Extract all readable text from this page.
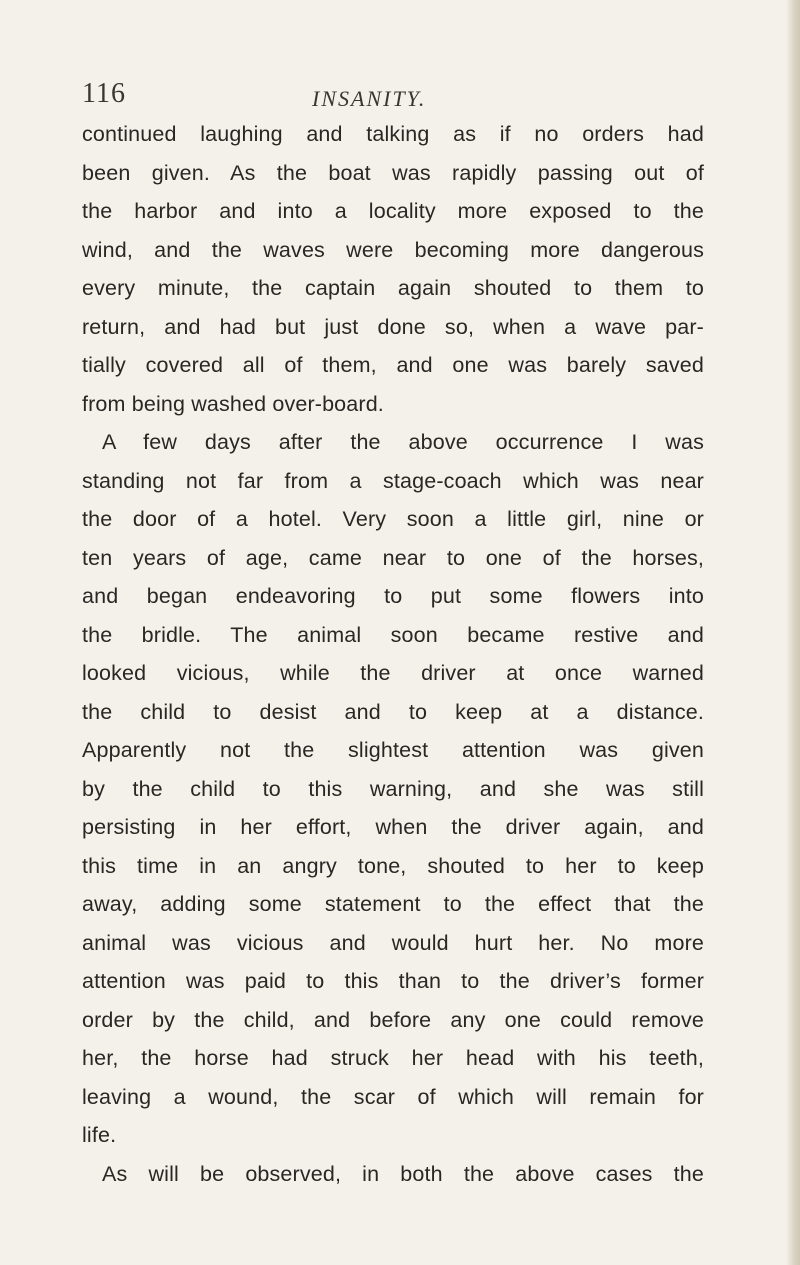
116	INSANITY.
continued laughing and talking as if no orders had
been given. As the boat was rapidly passing out of
the harbor and into a locality more exposed to the
wind, and the waves were becoming more dangerous
every minute, the captain again shouted to them to
return, and had but just done so, when a wave par-
tially covered all of them, and one was barely saved
from being washed over-board.
A few days after the above occurrence I was
standing not far from a stage-coach which was near
the door of a hotel. Very soon a little girl, nine or
ten years of age, came near to one of the horses,
and began endeavoring to put some flowers into
the bridle. The animal soon became restive and
looked vicious, while the driver at once warned
the child to desist and to keep at a distance.
Apparently not the slightest attention was given
by the child to this warning, and she was still
persisting in her effort, when the driver again, and
this time in an angry tone, shouted to her to keep
away, adding some statement to the effect that the
animal was vicious and would hurt her. No more
attention was paid to this than to the driver’s former
order by the child, and before any one could remove
her, the horse had struck her head with his teeth,
leaving a wound, the scar of which will remain for
life.
As will be observed, in both the above cases the
